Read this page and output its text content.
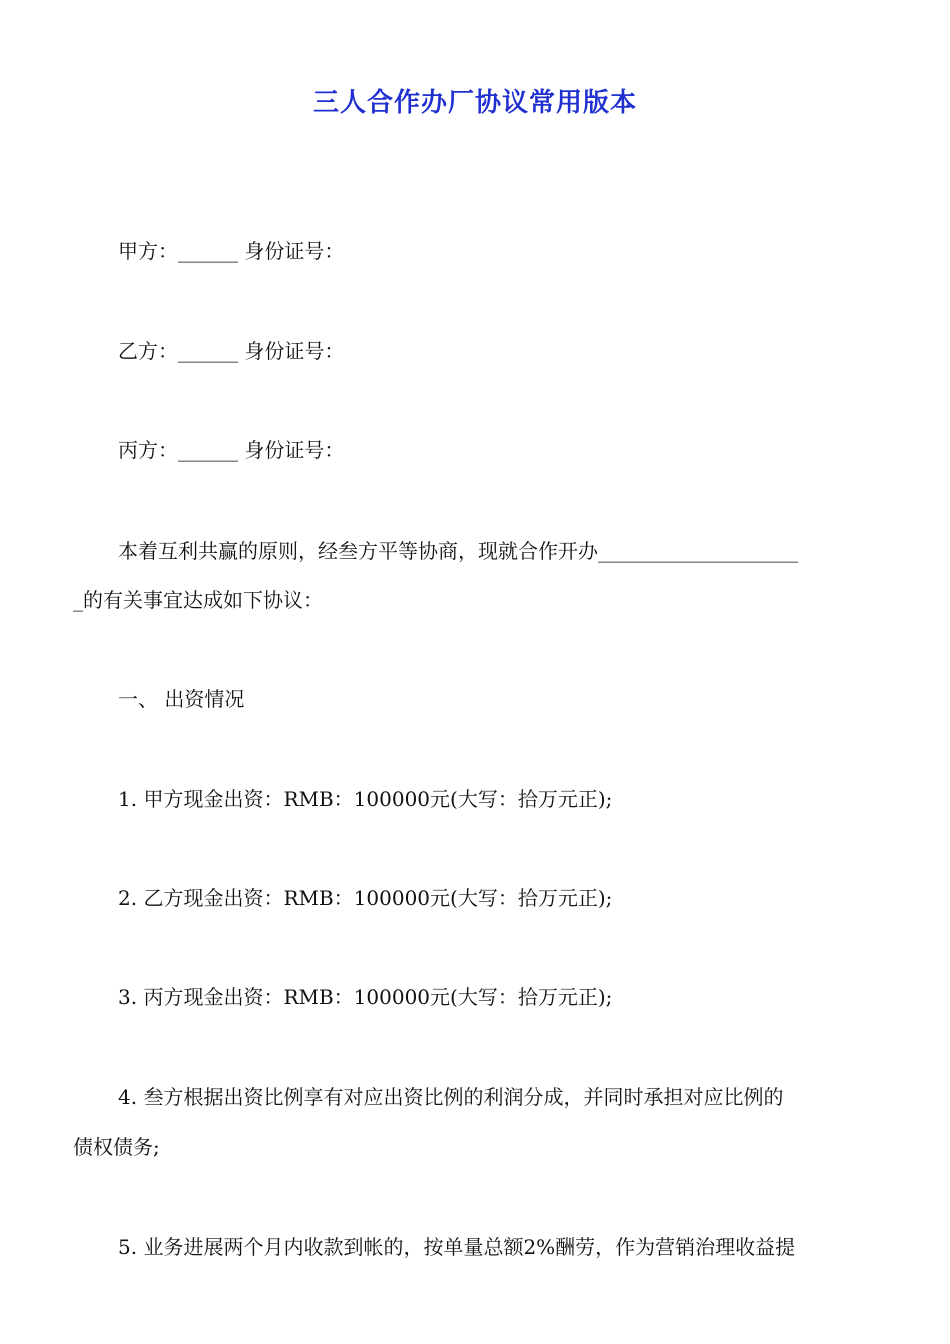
三人合作办厂协议常用版本
甲方：______ 身份证号：
乙方：______ 身份证号：
丙方：______ 身份证号：
本着互利共赢的原则，经叁方平等协商，现就合作开办____________________
_的有关事宜达成如下协议：
一、 出资情况
1. 甲方现金出资：RMB：100000元(大写：拾万元正);
2. 乙方现金出资：RMB：100000元(大写：拾万元正);
3. 丙方现金出资：RMB：100000元(大写：拾万元正);
4. 叁方根据出资比例享有对应出资比例的利润分成，并同时承担对应比例的
债权债务;
5. 业务进展两个月内收款到帐的，按单量总额2%酬劳，作为营销治理收益提
